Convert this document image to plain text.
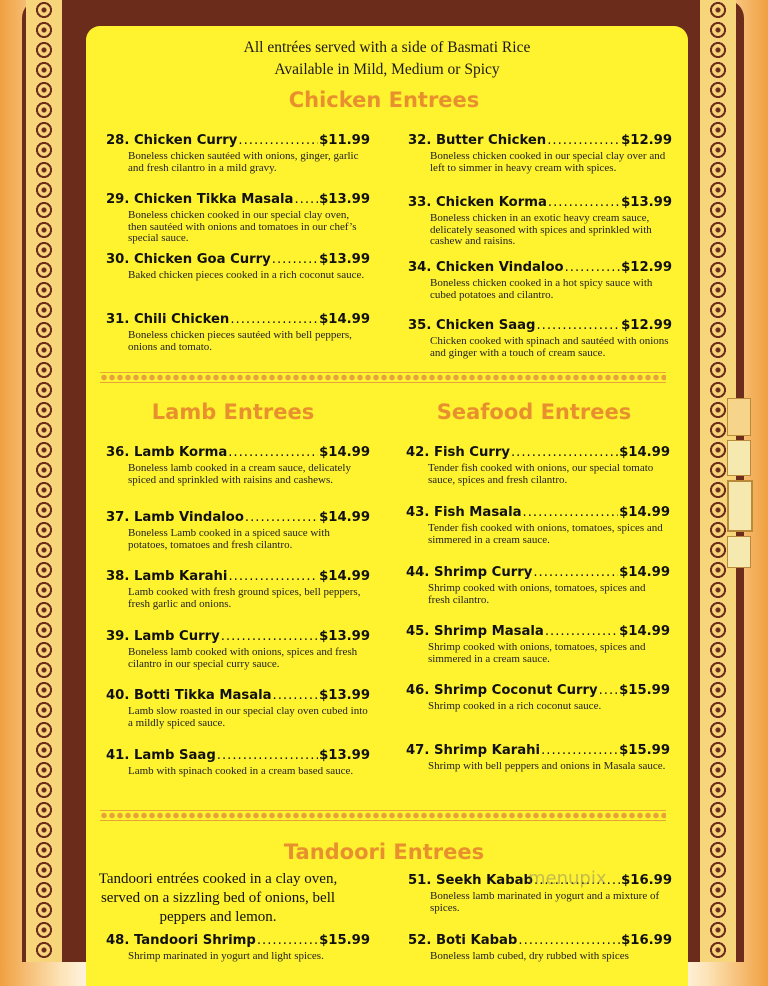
All entrées served with a side of Basmati Rice
Available in Mild, Medium or Spicy
Chicken Entrees
28. Chicken Curry .....	$11.99
Boneless chicken sautéed with onions, ginger, garlic and fresh cilantro in a mild gravy.
29. Chicken Tikka Masala ..... $13.99
Boneless chicken cooked in our special clay oven, then sautéed with onions and tomatoes in our chef’s special sauce.
30. Chicken Goa Curry .....	$13.99
Baked chicken pieces cooked in a rich coconut sauce.
31. Chili Chicken .....	$14.99
Boneless chicken pieces sautéed with bell peppers, onions and tomato.
32. Butter Chicken .....	$12.99
Boneless chicken cooked in our special clay over and left to simmer in heavy cream with spices.
33. Chicken Korma .....	$13.99
Boneless chicken in an exotic heavy cream sauce, delicately seasoned with spices and sprinkled with cashew and raisins.
34. Chicken Vindaloo .....	$12.99
Boneless chicken cooked in a hot spicy sauce with cubed potatoes and cilantro.
35. Chicken Saag .....	$12.99
Chicken cooked with spinach and sautéed with onions and ginger with a touch of cream sauce.
Lamb Entrees	Seafood Entrees
36. Lamb Korma .....	$14.99
Boneless lamb cooked in a cream sauce, delicately spiced and sprinkled with raisins and cashews.
37. Lamb Vindaloo .....	$14.99
Boneless Lamb cooked in a spiced sauce with potatoes, tomatoes and fresh cilantro.
38. Lamb Karahi .....	$14.99
Lamb cooked with fresh ground spices, bell peppers, fresh garlic and onions.
39. Lamb Curry .....	$13.99
Boneless lamb cooked with onions, spices and fresh cilantro in our special curry sauce.
40. Botti Tikka Masala .....	$13.99
Lamb slow roasted in our special clay oven cubed into a mildly spiced sauce.
41. Lamb Saag .....	$13.99
Lamb with spinach cooked in a cream based sauce.
42. Fish Curry .....	$14.99
Tender fish cooked with onions, our special tomato sauce, spices and fresh cilantro.
43. Fish Masala .....	$14.99
Tender fish cooked with onions, tomatoes, spices and simmered in a cream sauce.
44. Shrimp Curry .....	$14.99
Shrimp cooked with onions, tomatoes, spices and fresh cilantro.
45. Shrimp Masala .....	$14.99
Shrimp cooked with onions, tomatoes, spices and simmered in a cream sauce.
46. Shrimp Coconut Curry ..... $15.99
Shrimp cooked in a rich coconut sauce.
47. Shrimp Karahi .....	$15.99
Shrimp with bell peppers and onions in Masala sauce.
Tandoori Entrees
Tandoori entrées cooked in a clay oven, served on a sizzling bed of onions, bell peppers and lemon.
48. Tandoori Shrimp .....	$15.99
Shrimp marinated in yogurt and light spices.
51. Seekh Kabab .....	$16.99
Boneless lamb marinated in yogurt and a mixture of spices.
52. Boti Kabab .....	$16.99
Boneless lamb cubed, dry rubbed with spices
menupix
